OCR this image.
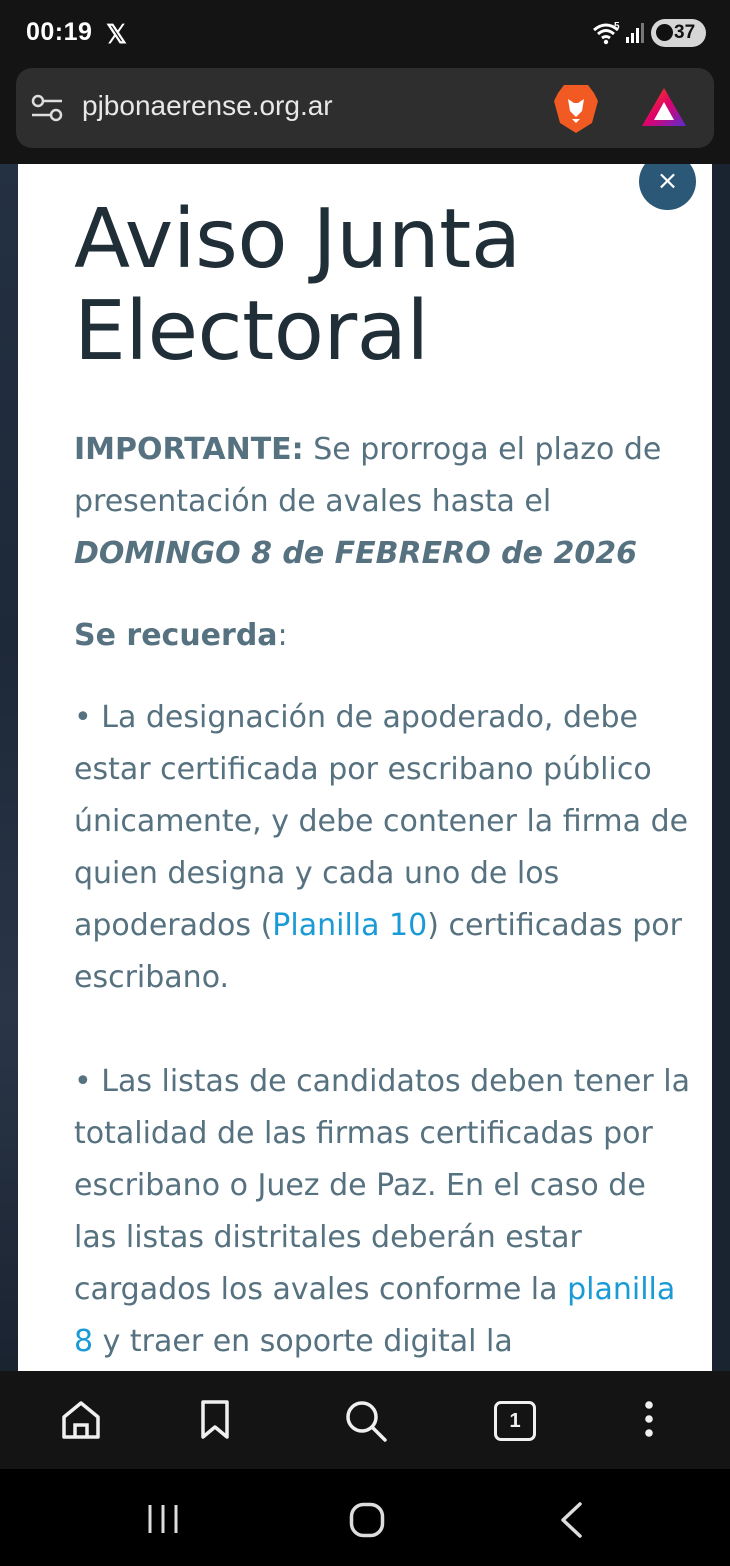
00:19 𝕏	5	37
pjbonaerense.org.ar
Aviso Junta Electoral

IMPORTANTE: Se prorroga el plazo de presentación de avales hasta el DOMINGO 8 de FEBRERO de 2026

Se recuerda:

• La designación de apoderado, debe estar certificada por escribano público únicamente, y debe contener la firma de quien designa y cada uno de los apoderados (Planilla 10) certificadas por escribano.

• Las listas de candidatos deben tener la totalidad de las firmas certificadas por escribano o Juez de Paz. En el caso de las listas distritales deberán estar cargados los avales conforme la planilla 8 y traer en soporte digital la

×
1
